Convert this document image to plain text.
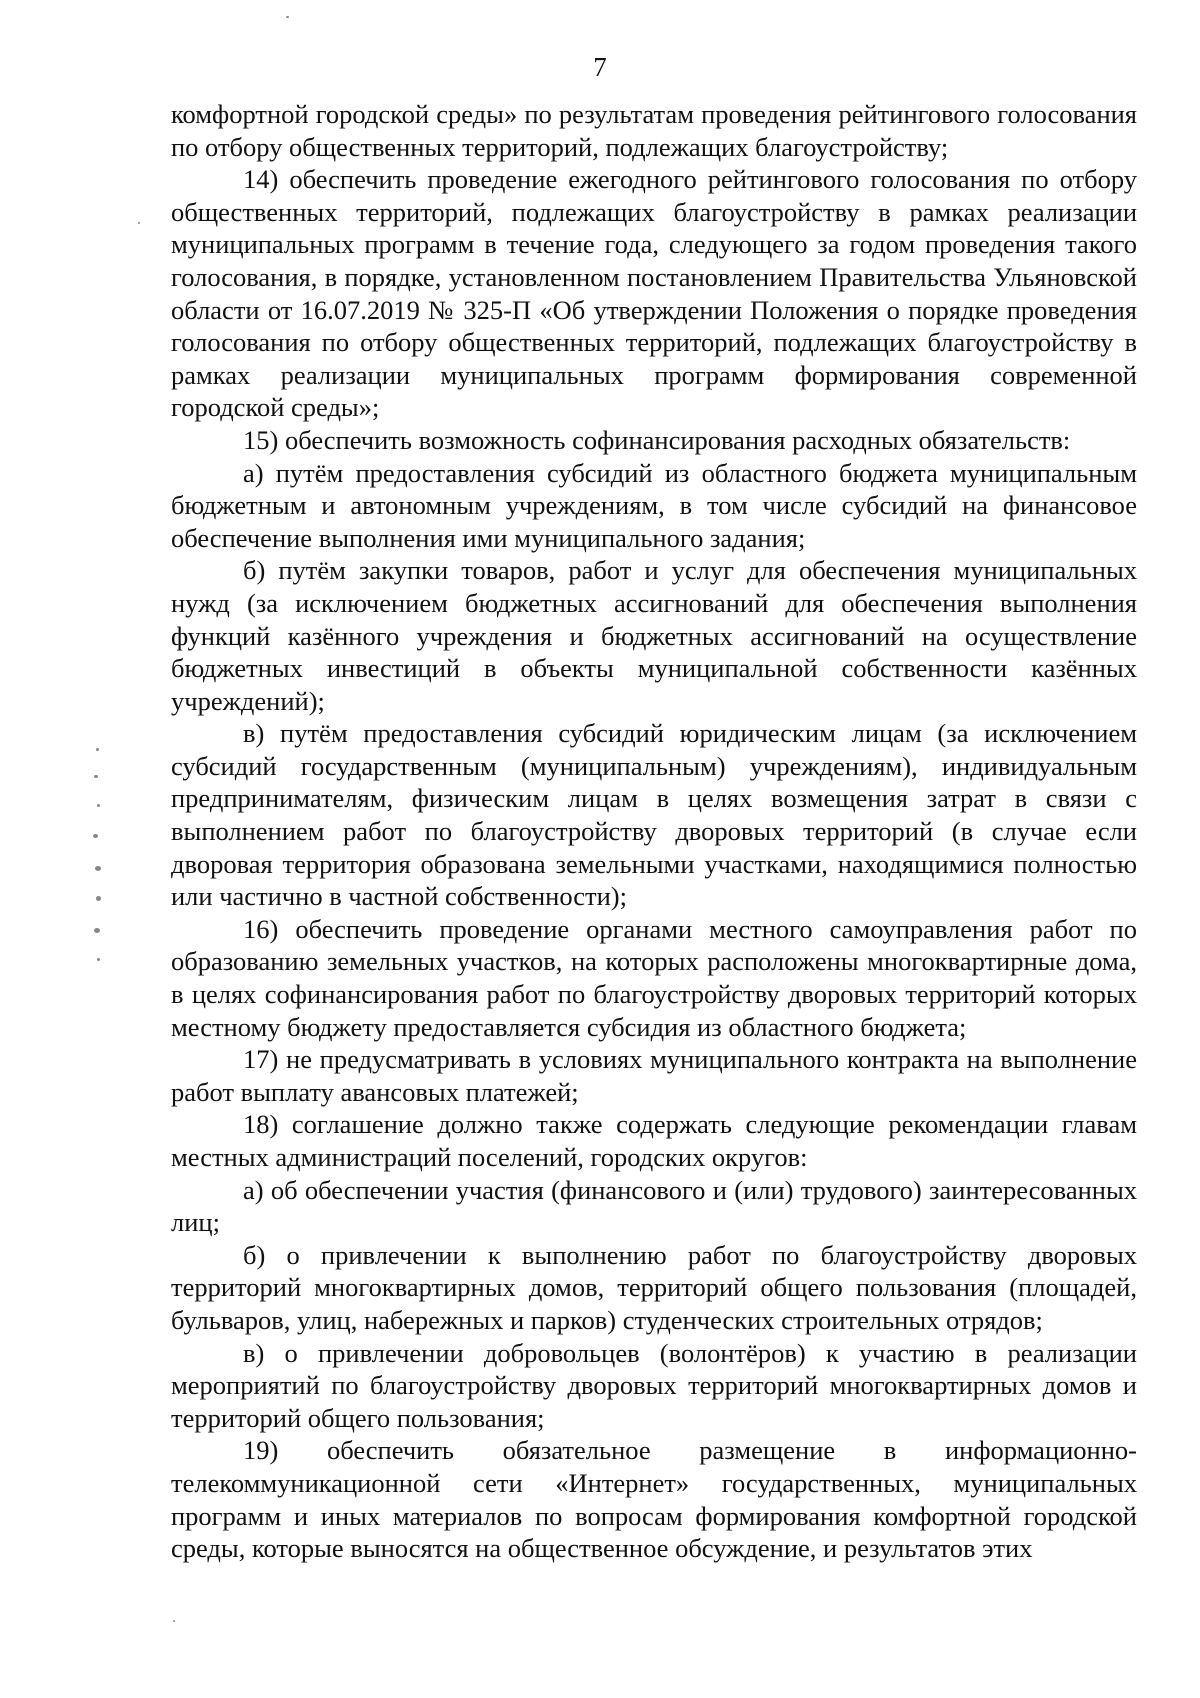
7

комфортной городской среды» по результатам проведения рейтингового голосования по отбору общественных территорий, подлежащих благоустройству;

14) обеспечить проведение ежегодного рейтингового голосования по отбору общественных территорий, подлежащих благоустройству в рамках реализации муниципальных программ в течение года, следующего за годом проведения такого голосования, в порядке, установленном постановлением Правительства Ульяновской области от 16.07.2019 № 325-П «Об утверждении Положения о порядке проведения голосования по отбору общественных территорий, подлежащих благоустройству в рамках реализации муниципальных программ формирования современной городской среды»;

15) обеспечить возможность софинансирования расходных обязательств:

а) путём предоставления субсидий из областного бюджета муниципальным бюджетным и автономным учреждениям, в том числе субсидий на финансовое обеспечение выполнения ими муниципального задания;

б) путём закупки товаров, работ и услуг для обеспечения муниципальных нужд (за исключением бюджетных ассигнований для обеспечения выполнения функций казённого учреждения и бюджетных ассигнований на осуществление бюджетных инвестиций в объекты муниципальной собственности казённых учреждений);

в) путём предоставления субсидий юридическим лицам (за исключением субсидий государственным (муниципальным) учреждениям), индивидуальным предпринимателям, физическим лицам в целях возмещения затрат в связи с выполнением работ по благоустройству дворовых территорий (в случае если дворовая территория образована земельными участками, находящимися полностью или частично в частной собственности);

16) обеспечить проведение органами местного самоуправления работ по образованию земельных участков, на которых расположены многоквартирные дома, в целях софинансирования работ по благоустройству дворовых территорий которых местному бюджету предоставляется субсидия из областного бюджета;

17) не предусматривать в условиях муниципального контракта на выполнение работ выплату авансовых платежей;

18) соглашение должно также содержать следующие рекомендации главам местных администраций поселений, городских округов:

а) об обеспечении участия (финансового и (или) трудового) заинтересованных лиц;

б) о привлечении к выполнению работ по благоустройству дворовых территорий многоквартирных домов, территорий общего пользования (площадей, бульваров, улиц, набережных и парков) студенческих строительных отрядов;

в) о привлечении добровольцев (волонтёров) к участию в реализации мероприятий по благоустройству дворовых территорий многоквартирных домов и территорий общего пользования;

19) обеспечить обязательное размещение в информационно-телекоммуникационной сети «Интернет» государственных, муниципальных программ и иных материалов по вопросам формирования комфортной городской среды, которые выносятся на общественное обсуждение, и результатов этих
